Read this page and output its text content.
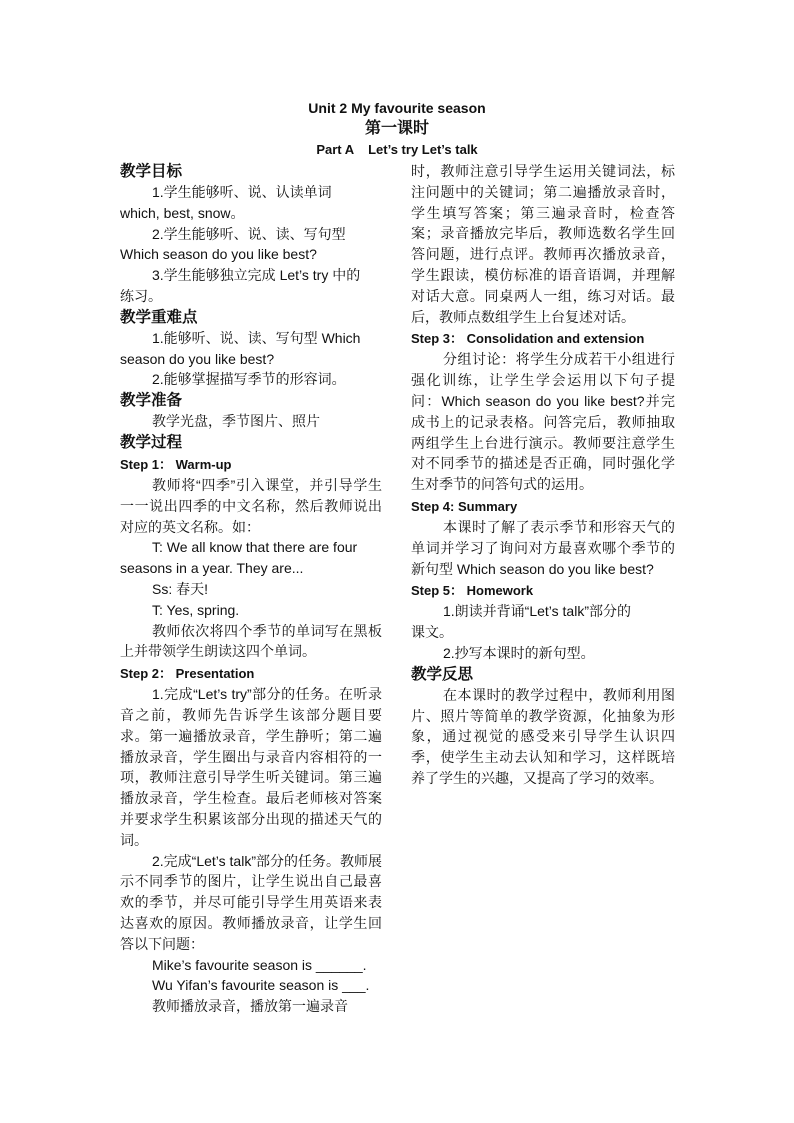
Unit 2 My favourite season
第一课时
Part A    Let’s try Let’s talk
教学目标
1.学生能够听、说、认读单词
which, best, snow。
2.学生能够听、说、读、写句型
Which season do you like best?
3.学生能够独立完成 Let’s try 中的
练习。
教学重难点
1.能够听、说、读、写句型 Which
season do you like best?
2.能够掌握描写季节的形容词。
教学准备
教学光盘，季节图片、照片
教学过程
Step 1： Warm-up

教师将“四季”引入课堂，并引导学生一一说出四季的中文名称，然后教师说出对应的英文名称。如：

T: We all know that there are four
seasons in a year. They are...
Ss: 春天!
T: Yes, spring.

教师依次将四个季节的单词写在黑板上并带领学生朗读这四个单词。

Step 2： Presentation

1.完成“Let’s try”部分的任务。在听录音之前，教师先告诉学生该部分题目要求。第一遍播放录音，学生静听；第二遍播放录音，学生圈出与录音内容相符的一项，教师注意引导学生听关键词。第三遍播放录音，学生检查。最后老师核对答案并要求学生积累该部分出现的描述天气的词。

2.完成“Let’s talk”部分的任务。教师展示不同季节的图片，让学生说出自己最喜欢的季节，并尽可能引导学生用英语来表达喜欢的原因。教师播放录音，让学生回答以下问题：

Mike’s favourite season is ______.
Wu Yifan’s favourite season is ___.
教师播放录音，播放第一遍录音

时，教师注意引导学生运用关键词法，标注问题中的关键词；第二遍播放录音时，学生填写答案；第三遍录音时，检查答案；录音播放完毕后，教师选数名学生回答问题，进行点评。教师再次播放录音，学生跟读，模仿标准的语音语调，并理解对话大意。同桌两人一组，练习对话。最后，教师点数组学生上台复述对话。

Step 3： Consolidation and extension

分组讨论：将学生分成若干小组进行强化训练，让学生学会运用以下句子提问：Which season do you like best?并完成书上的记录表格。问答完后，教师抽取两组学生上台进行演示。教师要注意学生对不同季节的描述是否正确，同时强化学生对季节的问答句式的运用。

Step 4: Summary

本课时了解了表示季节和形容天气的单词并学习了询问对方最喜欢哪个季节的新句型 Which season do you like best?

Step 5： Homework
1.朗读并背诵“Let’s talk”部分的
课文。
2.抄写本课时的新句型。
教学反思

在本课时的教学过程中，教师利用图片、照片等简单的教学资源，化抽象为形象，通过视觉的感受来引导学生认识四季，使学生主动去认知和学习，这样既培养了学生的兴趣，又提高了学习的效率。
